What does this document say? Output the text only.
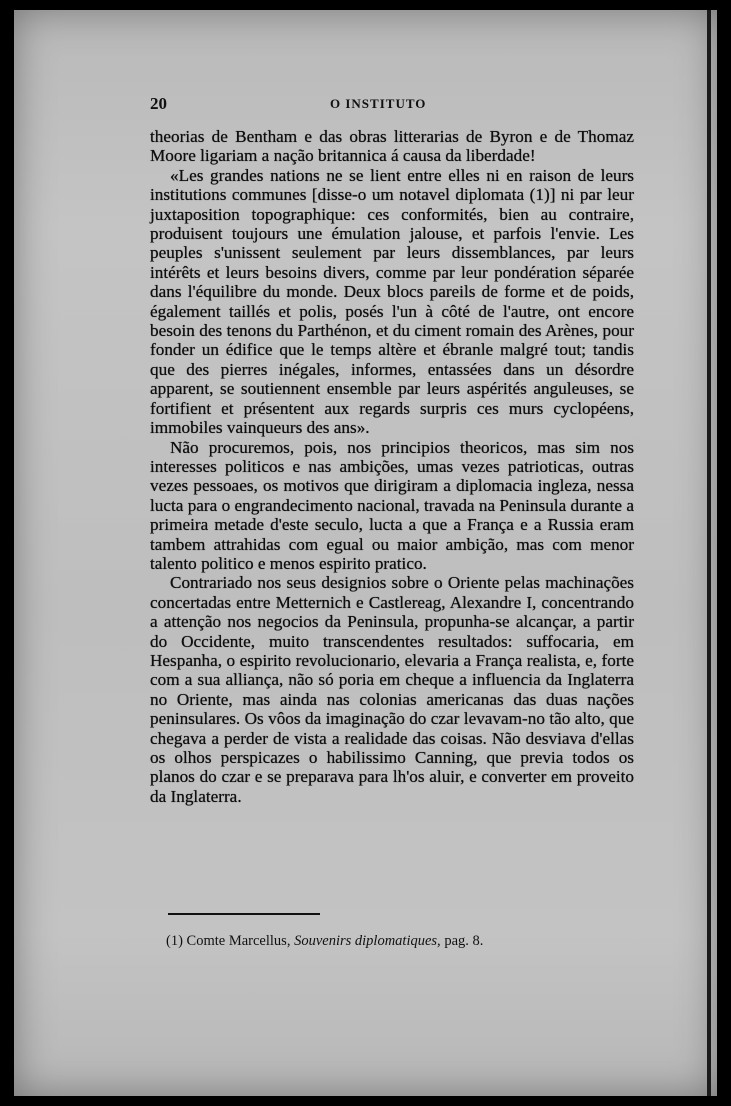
20	O INSTITUTO

theorias de Bentham e das obras litterarias de Byron e de Thomaz Moore ligariam a nação britannica á causa da liberdade!

«Les grandes nations ne se lient entre elles ni en raison de leurs institutions communes [disse-o um notavel diplomata (1)] ni par leur juxtaposition topographique: ces conformités, bien au contraire, produisent toujours une émulation jalouse, et parfois l'envie. Les peuples s'unissent seulement par leurs dissemblances, par leurs intérêts et leurs besoins divers, comme par leur pondération séparée dans l'équilibre du monde. Deux blocs pareils de forme et de poids, également taillés et polis, posés l'un à côté de l'autre, ont encore besoin des tenons du Parthénon, et du ciment romain des Arènes, pour fonder un édifice que le temps altère et ébranle malgré tout; tandis que des pierres inégales, informes, entassées dans un désordre apparent, se soutiennent ensemble par leurs aspérités anguleuses, se fortifient et présentent aux regards surpris ces murs cyclopéens, immobiles vainqueurs des ans».

Não procuremos, pois, nos principios theoricos, mas sim nos interesses politicos e nas ambições, umas vezes patrioticas, outras vezes pessoaes, os motivos que dirigiram a diplomacia ingleza, nessa lucta para o engrandecimento nacional, travada na Peninsula durante a primeira metade d'este seculo, lucta a que a França e a Russia eram tambem attrahidas com egual ou maior ambição, mas com menor talento politico e menos espirito pratico.

Contrariado nos seus designios sobre o Oriente pelas machinações concertadas entre Metternich e Castlereag, Alexandre I, concentrando a attenção nos negocios da Peninsula, propunha-se alcançar, a partir do Occidente, muito transcendentes resultados: suffocaria, em Hespanha, o espirito revolucionario, elevaria a França realista, e, forte com a sua alliança, não só poria em cheque a influencia da Inglaterra no Oriente, mas ainda nas colonias americanas das duas nações peninsulares. Os vôos da imaginação do czar levavam-no tão alto, que chegava a perder de vista a realidade das coisas. Não desviava d'ellas os olhos perspicazes o habilissimo Canning, que previa todos os planos do czar e se preparava para lh'os aluir, e converter em proveito da Inglaterra.

(1) Comte Marcellus, Souvenirs diplomatiques, pag. 8.
